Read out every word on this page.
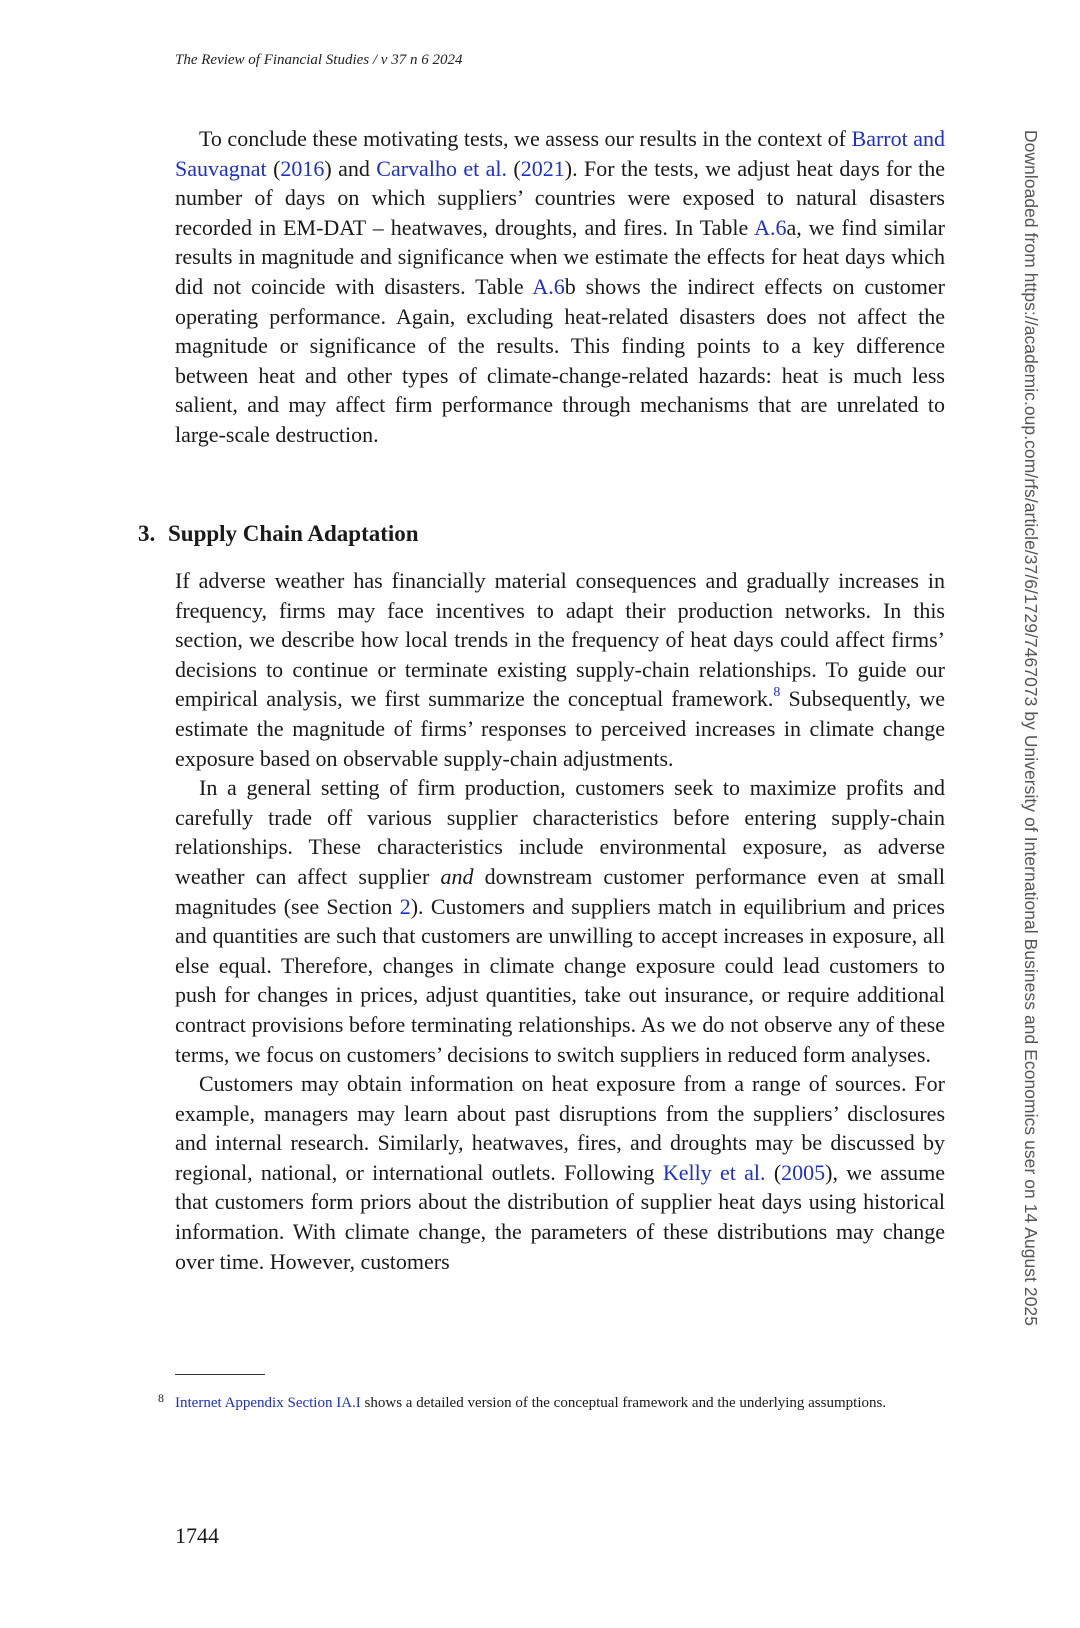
The Review of Financial Studies / v 37 n 6 2024

To conclude these motivating tests, we assess our results in the context of Barrot and Sauvagnat (2016) and Carvalho et al. (2021). For the tests, we adjust heat days for the number of days on which suppliers’ countries were exposed to natural disasters recorded in EM-DAT – heatwaves, droughts, and fires. In Table A.6a, we find similar results in magnitude and significance when we estimate the effects for heat days which did not coincide with disasters. Table A.6b shows the indirect effects on customer operating performance. Again, excluding heat-related disasters does not affect the magnitude or significance of the results. This finding points to a key difference between heat and other types of climate-change-related hazards: heat is much less salient, and may affect firm performance through mechanisms that are unrelated to large-scale destruction.

3. Supply Chain Adaptation

If adverse weather has financially material consequences and gradually increases in frequency, firms may face incentives to adapt their production networks. In this section, we describe how local trends in the frequency of heat days could affect firms’ decisions to continue or terminate existing supply-chain relationships. To guide our empirical analysis, we first summarize the conceptual framework.$^8$ Subsequently, we estimate the magnitude of firms’ responses to perceived increases in climate change exposure based on observable supply-chain adjustments.

In a general setting of firm production, customers seek to maximize profits and carefully trade off various supplier characteristics before entering supply-chain relationships. These characteristics include environmental exposure, as adverse weather can affect supplier and downstream customer performance even at small magnitudes (see Section 2). Customers and suppliers match in equilibrium and prices and quantities are such that customers are unwilling to accept increases in exposure, all else equal. Therefore, changes in climate change exposure could lead customers to push for changes in prices, adjust quantities, take out insurance, or require additional contract provisions before terminating relationships. As we do not observe any of these terms, we focus on customers’ decisions to switch suppliers in reduced form analyses.

Customers may obtain information on heat exposure from a range of sources. For example, managers may learn about past disruptions from the suppliers’ disclosures and internal research. Similarly, heatwaves, fires, and droughts may be discussed by regional, national, or international outlets. Following Kelly et al. (2005), we assume that customers form priors about the distribution of supplier heat days using historical information. With climate change, the parameters of these distributions may change over time. However, customers

8 Internet Appendix Section IA.I shows a detailed version of the conceptual framework and the underlying assumptions.
1744
Downloaded from https://academic.oup.com/rfs/article/37/6/1729/7467073 by University of International Business and Economics user on 14 August 2025
